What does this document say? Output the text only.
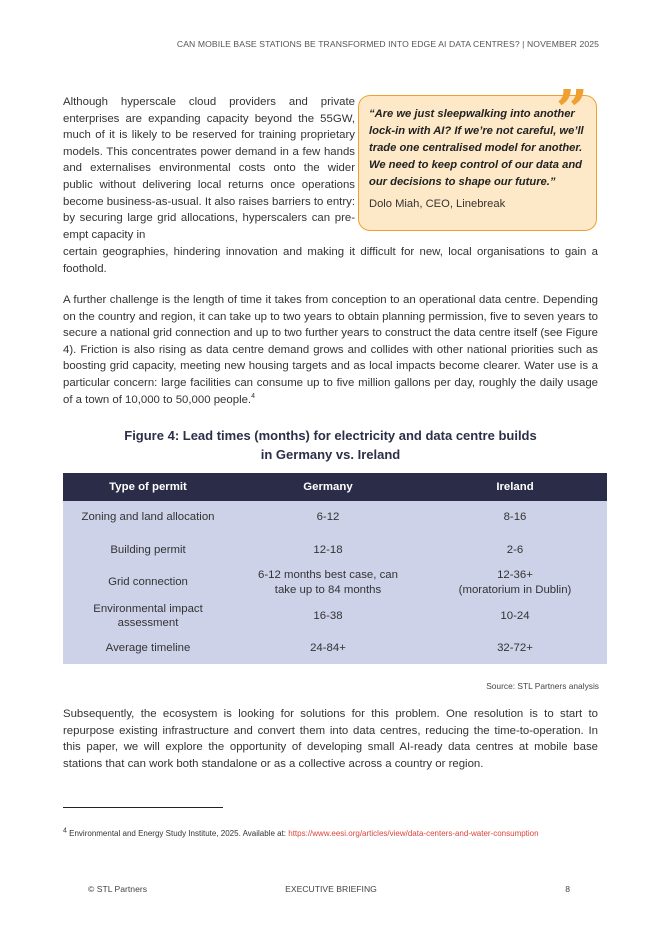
CAN MOBILE BASE STATIONS BE TRANSFORMED INTO EDGE AI DATA CENTRES? | NOVEMBER 2025

Although hyperscale cloud providers and private enterprises are expanding capacity beyond the 55GW, much of it is likely to be reserved for training proprietary models. This concentrates power demand in a few hands and externalises environmental costs onto the wider public without delivering local returns once operations become business-as-usual. It also raises barriers to entry: by securing large grid allocations, hyperscalers can pre-empt capacity in

certain geographies, hindering innovation and making it difficult for new, local organisations to gain a foothold.

”

“Are we just sleepwalking into another lock-in with AI? If we’re not careful, we’ll trade one centralised model for another. We need to keep control of our data and our decisions to shape our future.”

Dolo Miah, CEO, Linebreak

A further challenge is the length of time it takes from conception to an operational data centre. Depending on the country and region, it can take up to two years to obtain planning permission, five to seven years to secure a national grid connection and up to two further years to construct the data centre itself (see Figure 4). Friction is also rising as data centre demand grows and collides with other national priorities such as boosting grid capacity, meeting new housing targets and as local impacts become clearer. Water use is a particular concern: large facilities can consume up to five million gallons per day, roughly the daily usage of a town of 10,000 to 50,000 people.$^4$

Figure 4: Lead times (months) for electricity and data centre builds
in Germany vs. Ireland
Type of permit	Germany	Ireland
Zoning and land allocation	6-12	8-16
Building permit	12-18	2-6
Grid connection	6-12 months best case, can take up to 84 months	12-36+
(moratorium in Dublin)
Environmental impact assessment	16-38	10-24
Average timeline	24-84+	32-72+
Source: STL Partners analysis

Subsequently, the ecosystem is looking for solutions for this problem. One resolution is to start to repurpose existing infrastructure and convert them into data centres, reducing the time-to-operation. In this paper, we will explore the opportunity of developing small AI-ready data centres at mobile base stations that can work both standalone or as a collective across a country or region.

$^4$ Environmental and Energy Study Institute, 2025. Available at: https://www.eesi.org/articles/view/data-centers-and-water-consumption
© STL Partners	EXECUTIVE BRIEFING	8
